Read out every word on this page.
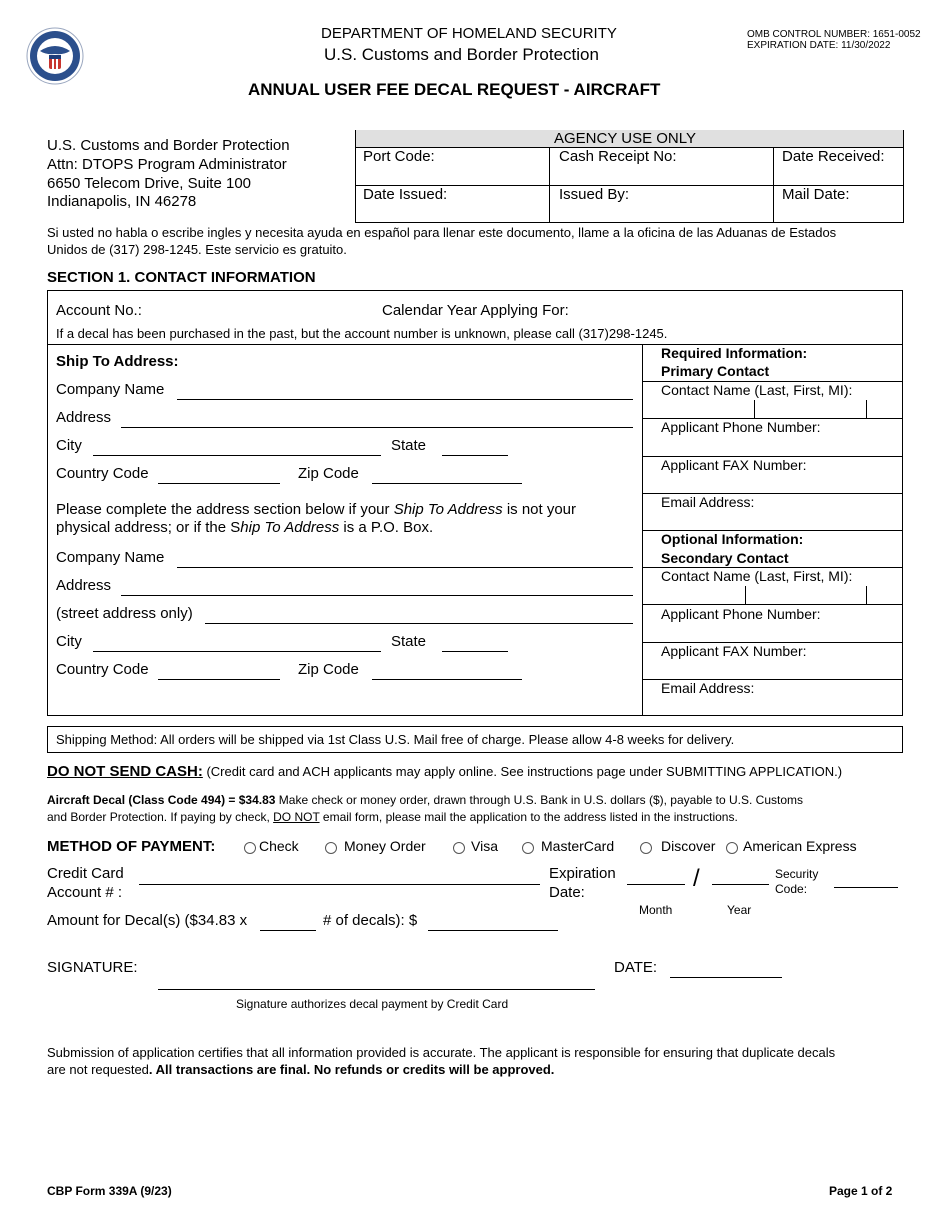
DEPARTMENT OF HOMELAND SECURITY
U.S. Customs and Border Protection
OMB CONTROL NUMBER: 1651-0052
EXPIRATION DATE: 11/30/2022
ANNUAL USER FEE DECAL REQUEST - AIRCRAFT
U.S. Customs and Border Protection
Attn: DTOPS Program Administrator
6650 Telecom Drive, Suite 100
Indianapolis, IN 46278
AGENCY USE ONLY
Port Code:	Cash Receipt No:	Date Received:
Date Issued:	Issued By:	Mail Date:
Si usted no habla o escribe ingles y necesita ayuda en español para llenar este documento, llame a la oficina de las Aduanas de Estados
Unidos de (317) 298-1245. Este servicio es gratuito.
SECTION 1. CONTACT INFORMATION
Account No.:	Calendar Year Applying For:
If a decal has been purchased in the past, but the account number is unknown, please call (317)298-1245.
Ship To Address:
Company Name
Address
City	State
Country Code	Zip Code
Please complete the address section below if your Ship To Address is not your
physical address; or if the Ship To Address is a P.O. Box.
Company Name
Address
(street address only)
City	State
Country Code	Zip Code
Required Information:
Primary Contact
Contact Name (Last, First, MI):
Applicant Phone Number:
Applicant FAX Number:
Email Address:
Optional Information:
Secondary Contact
Contact Name (Last, First, MI):
Applicant Phone Number:
Applicant FAX Number:
Email Address:
Shipping Method: All orders will be shipped via 1st Class U.S. Mail free of charge. Please allow 4-8 weeks for delivery.
DO NOT SEND CASH: (Credit card and ACH applicants may apply online. See instructions page under SUBMITTING APPLICATION.)
Aircraft Decal (Class Code 494) = $34.83 Make check or money order, drawn through U.S. Bank in U.S. dollars ($), payable to U.S. Customs
and Border Protection. If paying by check, DO NOT email form, please mail the application to the address listed in the instructions.
METHOD OF PAYMENT:	Check	Money Order	Visa	MasterCard	Discover American Express
Credit Card
Account # :
Expiration
Date:
/	Security
Code:
Month	Year
Amount for Decal(s) ($34.83 x	# of decals): $
SIGNATURE:	DATE:
Signature authorizes decal payment by Credit Card
Submission of application certifies that all information provided is accurate. The applicant is responsible for ensuring that duplicate decals
are not requested. All transactions are final. No refunds or credits will be approved.
CBP Form 339A (9/23)	Page 1 of 2
